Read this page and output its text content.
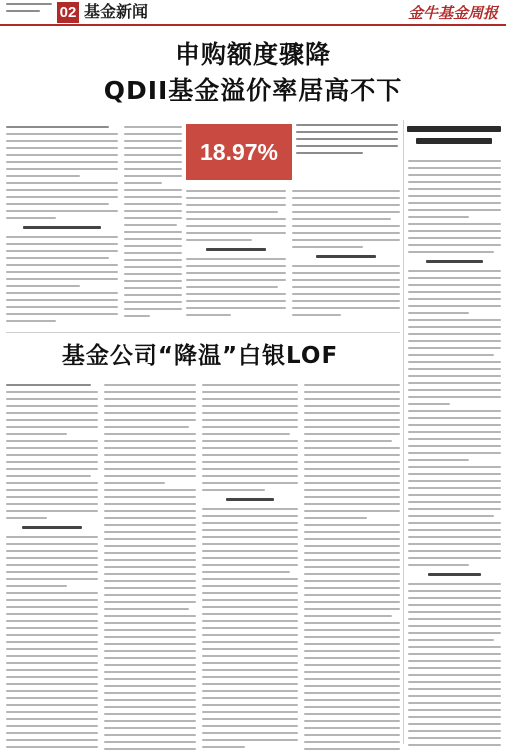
02 基金新闻	金牛基金周报
申购额度骤降
QDII基金溢价率居高不下
18.97%
基金公司“降温”白银LOF
